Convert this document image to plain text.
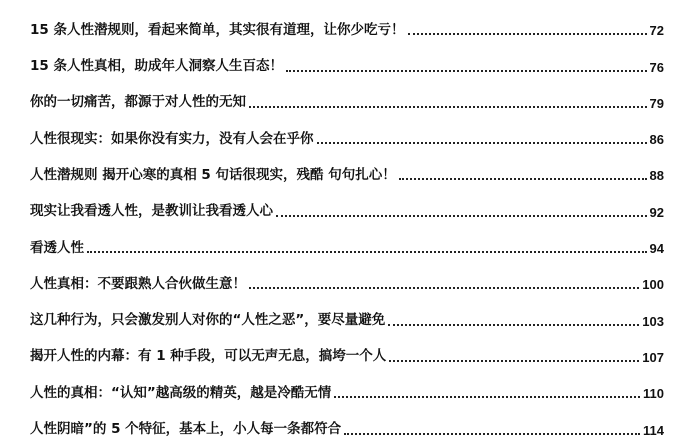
15 条人性潜规则，看起来简单，其实很有道理，让你少吃亏！	72
15 条人性真相，助成年人洞察人生百态！	76
你的一切痛苦，都源于对人性的无知	79
人性很现实：如果你没有实力，没有人会在乎你	86
人性潜规则 揭开心寒的真相 5 句话很现实，残酷 句句扎心！	88
现实让我看透人性，是教训让我看透人心	92
看透人性	94
人性真相：不要跟熟人合伙做生意！	100
这几种行为，只会激发别人对你的“人性之恶”，要尽量避免	103
揭开人性的内幕：有 1 种手段，可以无声无息，搞垮一个人	107
人性的真相：“认知”越高级的精英，越是冷酷无情	110
人性阴暗”的 5 个特征，基本上，小人每一条都符合	114
